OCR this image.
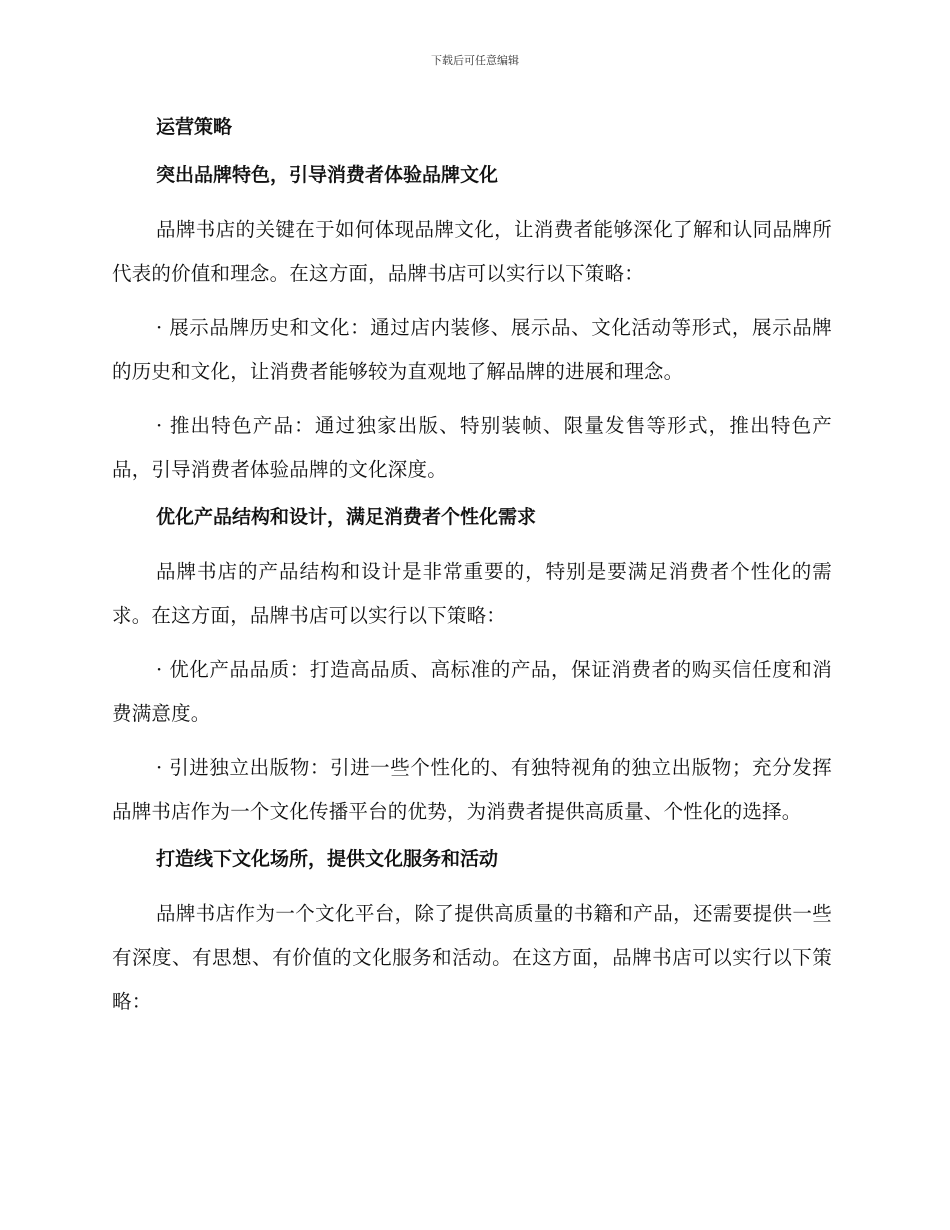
下载后可任意编辑
运营策略
突出品牌特色，引导消费者体验品牌文化

品牌书店的关键在于如何体现品牌文化，让消费者能够深化了解和认同品牌所代表的价值和理念。在这方面，品牌书店可以实行以下策略：

· 展示品牌历史和文化：通过店内装修、展示品、文化活动等形式，展示品牌的历史和文化，让消费者能够较为直观地了解品牌的进展和理念。

· 推出特色产品：通过独家出版、特别装帧、限量发售等形式，推出特色产品，引导消费者体验品牌的文化深度。

优化产品结构和设计，满足消费者个性化需求

品牌书店的产品结构和设计是非常重要的，特别是要满足消费者个性化的需求。在这方面，品牌书店可以实行以下策略：

· 优化产品品质：打造高品质、高标准的产品，保证消费者的购买信任度和消费满意度。

· 引进独立出版物：引进一些个性化的、有独特视角的独立出版物；充分发挥品牌书店作为一个文化传播平台的优势，为消费者提供高质量、个性化的选择。

打造线下文化场所，提供文化服务和活动

品牌书店作为一个文化平台，除了提供高质量的书籍和产品，还需要提供一些有深度、有思想、有价值的文化服务和活动。在这方面，品牌书店可以实行以下策略：
